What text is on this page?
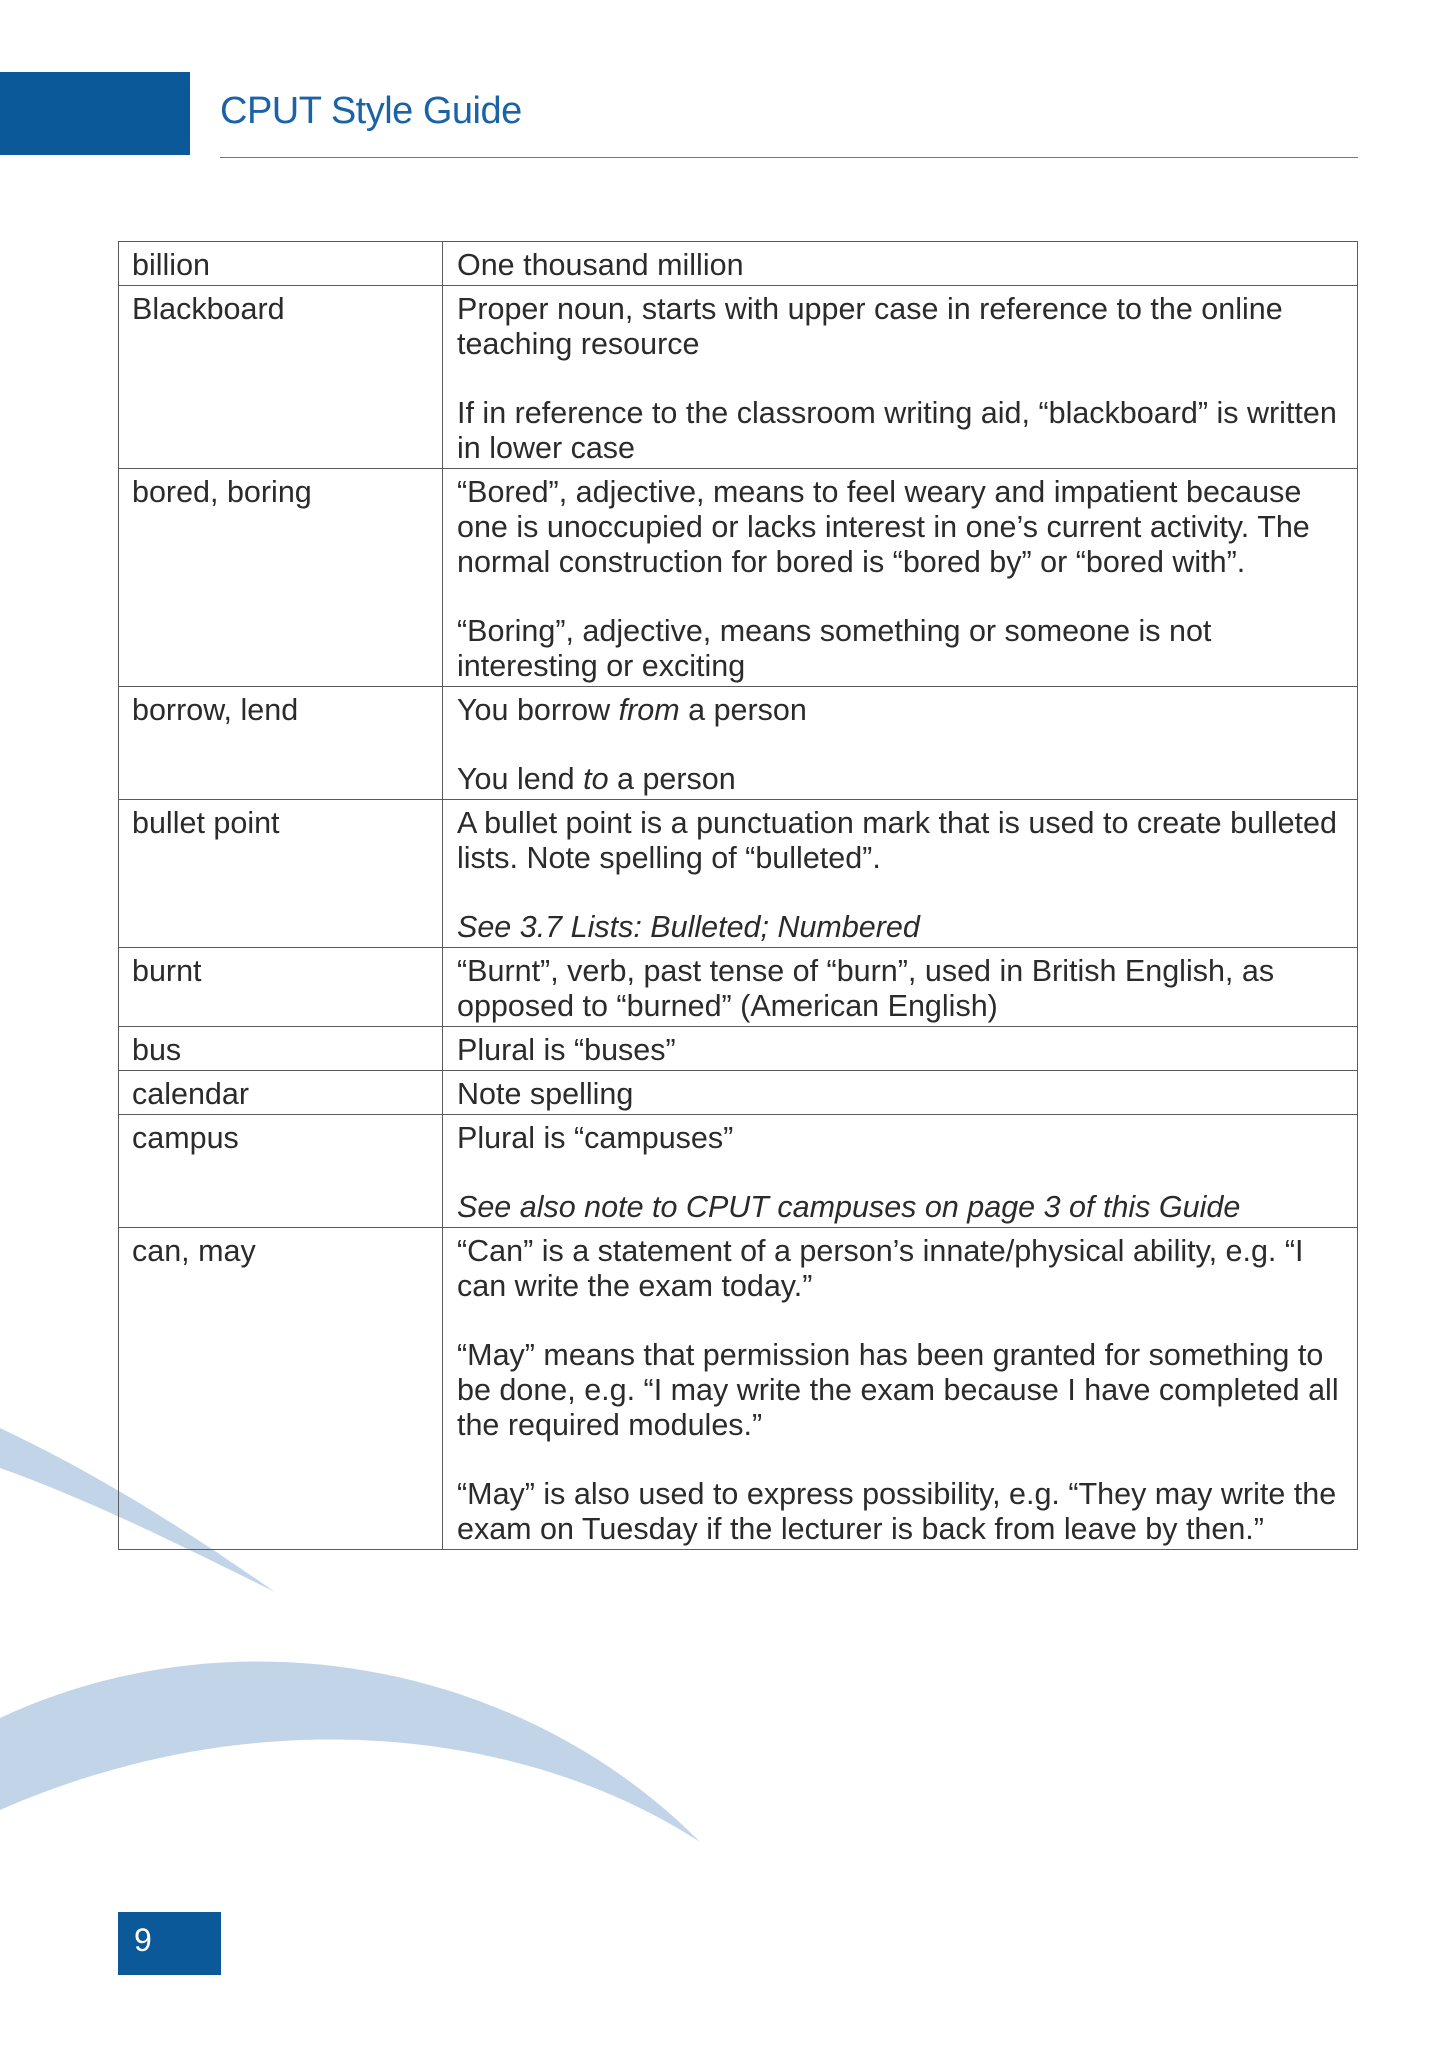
CPUT Style Guide
billion	One thousand million

Blackboard	Proper noun, starts with upper case in reference to the online teaching resource

If in reference to the classroom writing aid, “blackboard” is written in lower case

bored, boring	“Bored”, adjective, means to feel weary and impatient because one is unoccupied or lacks interest in one’s current activity. The normal construction for bored is “bored by” or “bored with”.

“Boring”, adjective, means something or someone is not interesting or exciting

borrow, lend	You borrow from a person

You lend to a person

bullet point	A bullet point is a punctuation mark that is used to create bulleted lists. Note spelling of “bulleted”.

See 3.7 Lists: Bulleted; Numbered

burnt	“Burnt”, verb, past tense of “burn”, used in British English, as opposed to “burned” (American English)

bus	Plural is “buses”

calendar	Note spelling

campus	Plural is “campuses”

See also note to CPUT campuses on page 3 of this Guide

can, may	“Can” is a statement of a person’s innate/physical ability, e.g. “I can write the exam today.”

“May” means that permission has been granted for something to be done, e.g. “I may write the exam because I have completed all the required modules.”

“May” is also used to express possibility, e.g. “They may write the exam on Tuesday if the lecturer is back from leave by then.”

9
